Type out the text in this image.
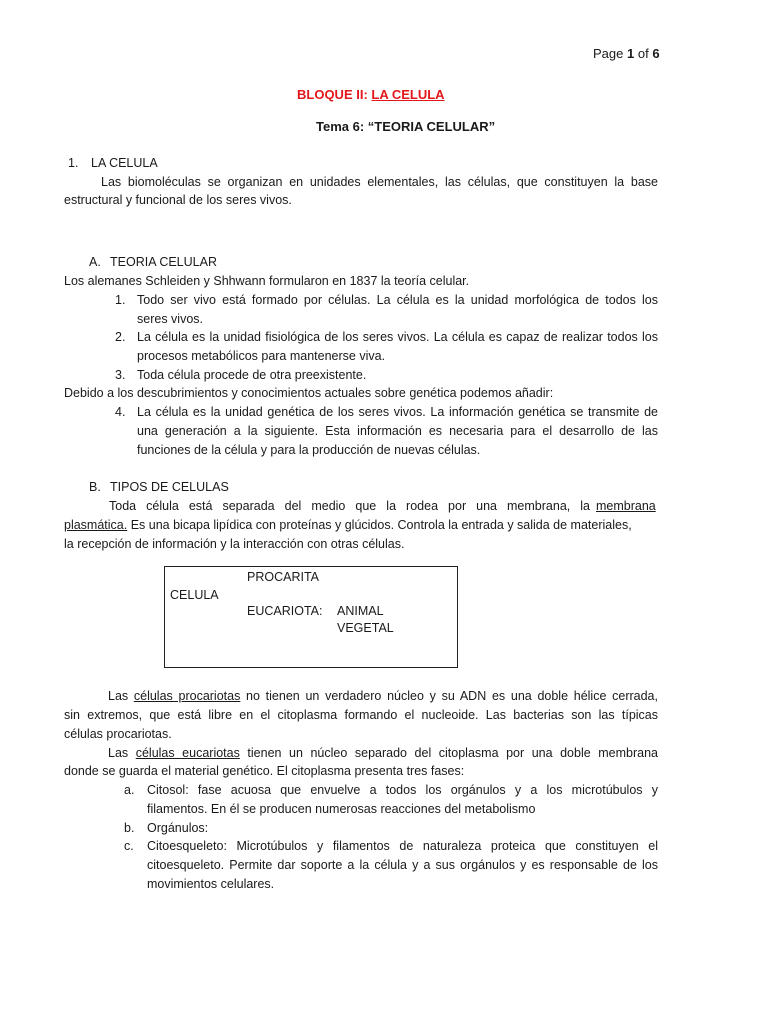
Page 1 of 6
BLOQUE II: LA CELULA
Tema 6: “TEORIA CELULAR”
1. LA CELULA
Las biomoléculas se organizan en unidades elementales, las células, que constituyen la base
estructural y funcional de los seres vivos.
A. TEORIA CELULAR
Los alemanes Schleiden y Shhwann formularon en 1837 la teoría celular.
1. Todo ser vivo está formado por células. La célula es la unidad morfológica de todos los
seres vivos.
2. La célula es la unidad fisiológica de los seres vivos. La célula es capaz de realizar todos los
procesos metabólicos para mantenerse viva.
3. Toda célula procede de otra preexistente.
Debido a los descubrimientos y conocimientos actuales sobre genética podemos añadir:
4. La célula es la unidad genética de los seres vivos. La información genética se transmite de
una generación a la siguiente. Esta información es necesaria para el desarrollo de las
funciones de la célula y para la producción de nuevas células.
B. TIPOS DE CELULAS
Toda célula está separada del medio que la rodea por una membrana, la membrana
plasmática. Es una bicapa lipídica con proteínas y glúcidos. Controla la entrada y salida de materiales,
la recepción de información y la interacción con otras células.
PROCARITA
CELULA
EUCARIOTA: ANIMAL
VEGETAL
Las células procariotas no tienen un verdadero núcleo y su ADN es una doble hélice cerrada,
sin extremos, que está libre en el citoplasma formando el nucleoide. Las bacterias son las típicas
células procariotas.
Las células eucariotas tienen un núcleo separado del citoplasma por una doble membrana
donde se guarda el material genético. El citoplasma presenta tres fases:
a. Citosol: fase acuosa que envuelve a todos los orgánulos y a los microtúbulos y
filamentos. En él se producen numerosas reacciones del metabolismo
b. Orgánulos:
c. Citoesqueleto: Microtúbulos y filamentos de naturaleza proteica que constituyen el
citoesqueleto. Permite dar soporte a la célula y a sus orgánulos y es responsable de los
movimientos celulares.
